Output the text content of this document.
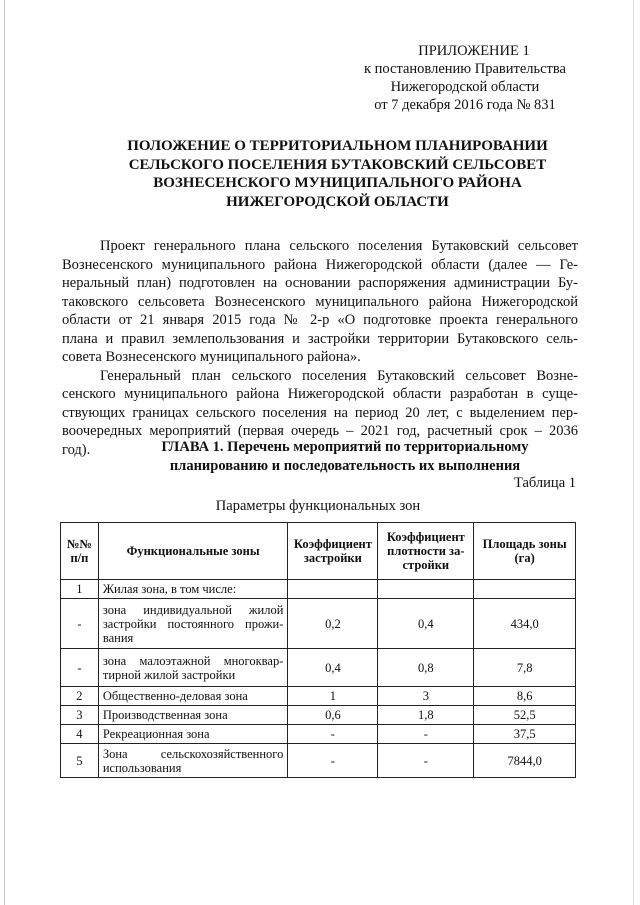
ПРИЛОЖЕНИЕ 1
к постановлению Правительства
Нижегородской области
от 7 декабря 2016 года № 831
ПОЛОЖЕНИЕ О ТЕРРИТОРИАЛЬНОМ ПЛАНИРОВАНИИ
СЕЛЬСКОГО ПОСЕЛЕНИЯ БУТАКОВСКИЙ СЕЛЬСОВЕТ
ВОЗНЕСЕНСКОГО МУНИЦИПАЛЬНОГО РАЙОНА
НИЖЕГОРОДСКОЙ ОБЛАСТИ

Проект генерального плана сельского поселения Бутаковский сельсовет
Вознесенского муниципального района Нижегородской области (далее — Ге-
неральный план) подготовлен на основании распоряжения администрации Бу-
таковского сельсовета Вознесенского муниципального района Нижегородской
области от 21 января 2015 года № 2-р «О подготовке проекта генерального
плана и правил землепользования и застройки территории Бутаковского сель-
совета Вознесенского муниципального района».

Генеральный план сельского поселения Бутаковский сельсовет Возне-
сенского муниципального района Нижегородской области разработан в суще-
ствующих границах сельского поселения на период 20 лет, с выделением пер-
воочередных мероприятий (первая очередь – 2021 год, расчетный срок – 2036
год).	ГЛАВА 1. Перечень мероприятий по территориальному
планированию и последовательность их выполнения
Таблица 1
Параметры функциональных зон
№№ п/п	Функциональные зоны	Коэффициент застройки	Коэффициент плотности за-стройки	Площадь зоны (га)
1	Жилая зона, в том числе:			
-	зона индивидуальной жилой застройки постоянного прожи-вания	0,2	0,4	434,0
-	зона малоэтажной многоквар-тирной жилой застройки	0,4	0,8	7,8
2	Общественно-деловая зона	1	3	8,6
3	Производственная зона	0,6	1,8	52,5
4	Рекреационная зона	-	-	37,5
5	Зона сельскохозяйственного использования	-	-	7844,0
